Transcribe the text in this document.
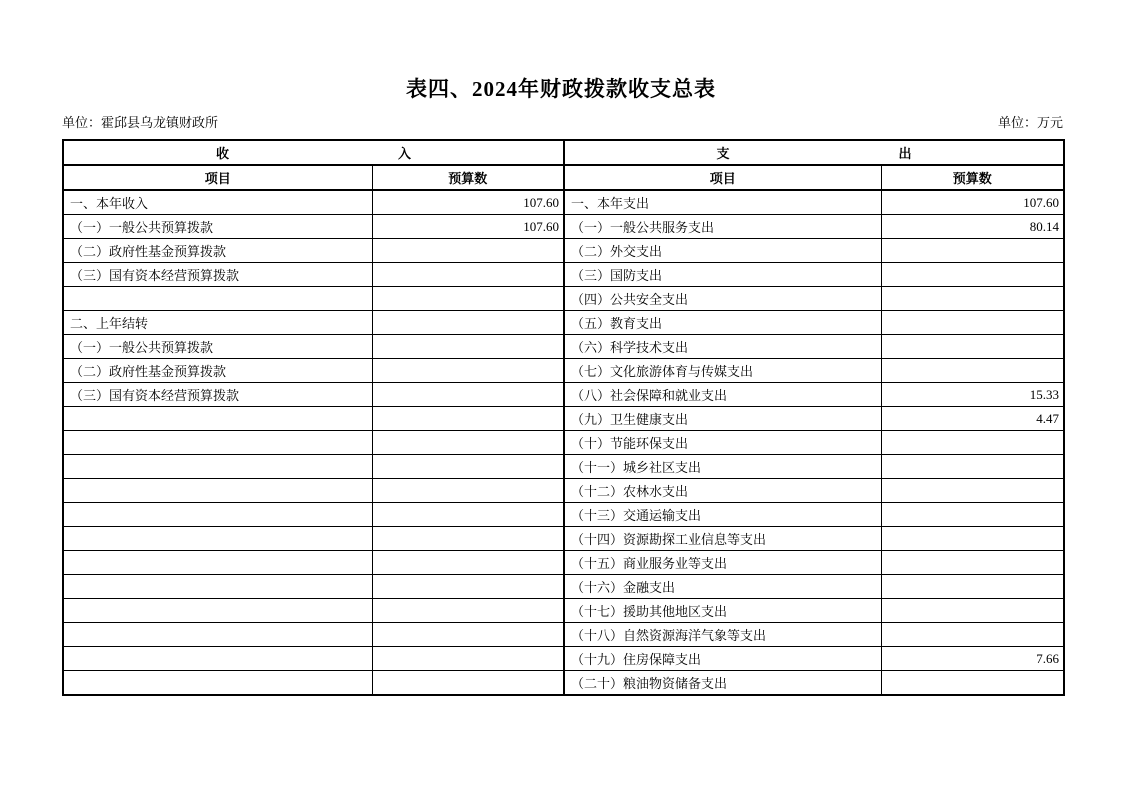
表四、2024年财政拨款收支总表
单位：霍邱县乌龙镇财政所	单位：万元
收　　　　　　　　　　　　　入		支　　　　　　　　　　　　　出	
项目	预算数	项目	预算数
一、本年收入	107.60	一、本年支出	107.60
（一）一般公共预算拨款	107.60	（一）一般公共服务支出	80.14
（二）政府性基金预算拨款		（二）外交支出	
（三）国有资本经营预算拨款		（三）国防支出	
		（四）公共安全支出	
二、上年结转		（五）教育支出	
（一）一般公共预算拨款		（六）科学技术支出	
（二）政府性基金预算拨款		（七）文化旅游体育与传媒支出	
（三）国有资本经营预算拨款		（八）社会保障和就业支出	15.33
		（九）卫生健康支出	4.47
		（十）节能环保支出	
		（十一）城乡社区支出	
		（十二）农林水支出	
		（十三）交通运输支出	
		（十四）资源勘探工业信息等支出	
		（十五）商业服务业等支出	
		（十六）金融支出	
		（十七）援助其他地区支出	
		（十八）自然资源海洋气象等支出	
		（十九）住房保障支出	7.66
		（二十）粮油物资储备支出	
